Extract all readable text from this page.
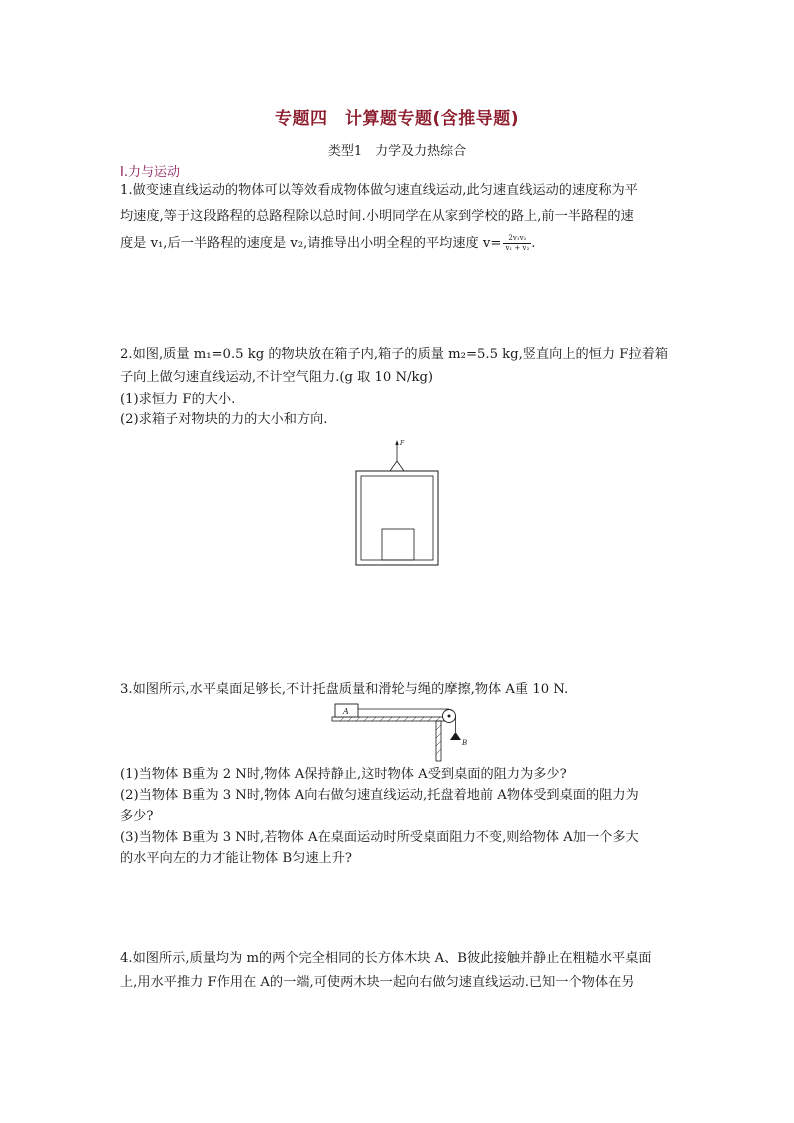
专题四　计算题专题(含推导题)
类型1　力学及力热综合
Ⅰ.力与运动
1.做变速直线运动的物体可以等效看成物体做匀速直线运动,此匀速直线运动的速度称为平
均速度,等于这段路程的总路程除以总时间.小明同学在从家到学校的路上,前一半路程的速
度是 v₁,后一半路程的速度是 v₂,请推导出小明全程的平均速度 $v= \frac{\text{2v₁v₂}}{\text{v₁ + v₂}}$ .
2.如图,质量 m₁=0.5 kg 的物块放在箱子内,箱子的质量 m₂=5.5 kg,竖直向上的恒力 F拉着箱
子向上做匀速直线运动,不计空气阻力.(g 取 10 N/kg)
(1)求恒力 F的大小.
(2)求箱子对物块的力的大小和方向.
F
3.如图所示,水平桌面足够长,不计托盘质量和滑轮与绳的摩擦,物体 A重 10 N.
A
B
(1)当物体 B重为 2 N时,物体 A保持静止,这时物体 A受到桌面的阻力为多少?
(2)当物体 B重为 3 N时,物体 A向右做匀速直线运动,托盘着地前 A物体受到桌面的阻力为
多少?
(3)当物体 B重为 3 N时,若物体 A在桌面运动时所受桌面阻力不变,则给物体 A加一个多大
的水平向左的力才能让物体 B匀速上升?
4.如图所示,质量均为 m的两个完全相同的长方体木块 A、B彼此接触并静止在粗糙水平桌面
上,用水平推力 F作用在 A的一端,可使两木块一起向右做匀速直线运动.已知一个物体在另
